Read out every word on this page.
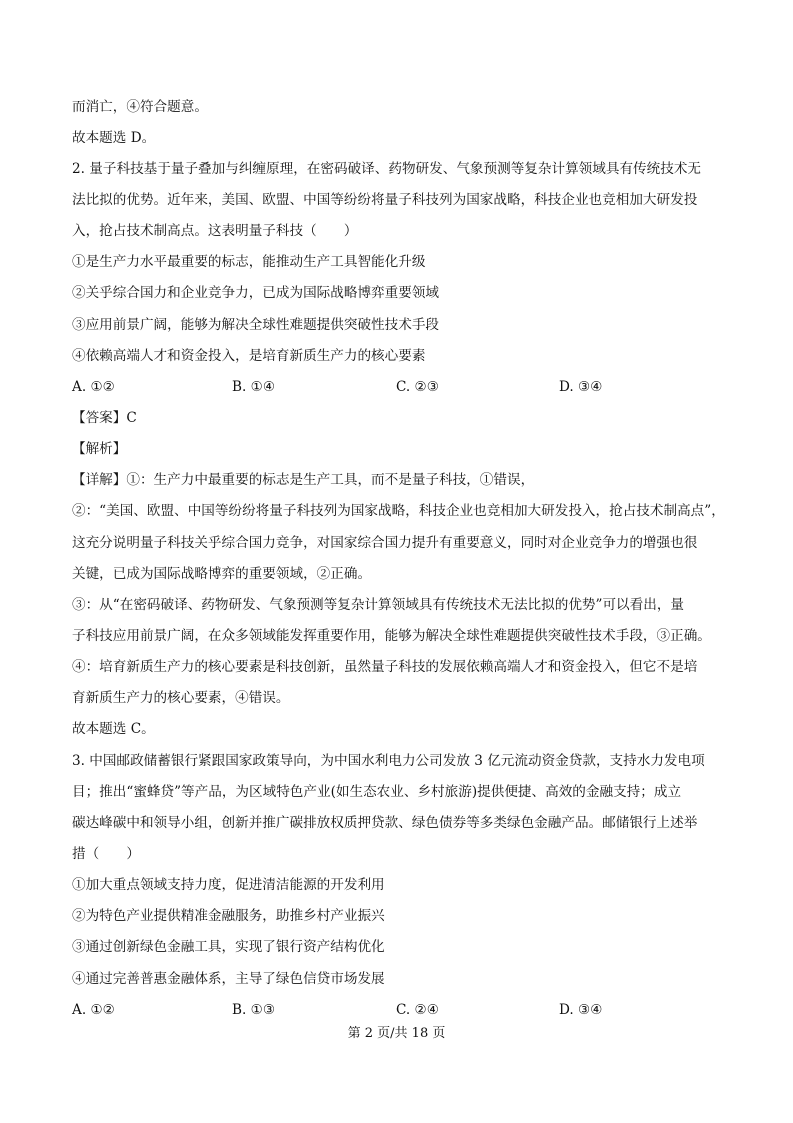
而消亡，④符合题意。
故本题选 D。
2. 量子科技基于量子叠加与纠缠原理，在密码破译、药物研发、气象预测等复杂计算领域具有传统技术无
法比拟的优势。近年来，美国、欧盟、中国等纷纷将量子科技列为国家战略，科技企业也竞相加大研发投
入，抢占技术制高点。这表明量子科技（　　）
①是生产力水平最重要的标志，能推动生产工具智能化升级
②关乎综合国力和企业竞争力，已成为国际战略博弈重要领域
③应用前景广阔，能够为解决全球性难题提供突破性技术手段
④依赖高端人才和资金投入，是培育新质生产力的核心要素
A. ①②	B. ①④	C. ②③	D. ③④
【答案】C
【解析】
【详解】①：生产力中最重要的标志是生产工具，而不是量子科技，①错误，
②：“美国、欧盟、中国等纷纷将量子科技列为国家战略，科技企业也竞相加大研发投入，抢占技术制高点”，
这充分说明量子科技关乎综合国力竞争，对国家综合国力提升有重要意义，同时对企业竞争力的增强也很
关键，已成为国际战略博弈的重要领域，②正确。
③：从“在密码破译、药物研发、气象预测等复杂计算领域具有传统技术无法比拟的优势”可以看出，量
子科技应用前景广阔，在众多领域能发挥重要作用，能够为解决全球性难题提供突破性技术手段，③正确。
④：培育新质生产力的核心要素是科技创新，虽然量子科技的发展依赖高端人才和资金投入，但它不是培
育新质生产力的核心要素，④错误。
故本题选 C。
3. 中国邮政储蓄银行紧跟国家政策导向，为中国水利电力公司发放 3 亿元流动资金贷款，支持水力发电项
目；推出“蜜蜂贷”等产品，为区域特色产业(如生态农业、乡村旅游)提供便捷、高效的金融支持；成立
碳达峰碳中和领导小组，创新并推广碳排放权质押贷款、绿色债券等多类绿色金融产品。邮储银行上述举
措（　　）
①加大重点领域支持力度，促进清洁能源的开发利用
②为特色产业提供精准金融服务，助推乡村产业振兴
③通过创新绿色金融工具，实现了银行资产结构优化
④通过完善普惠金融体系，主导了绿色信贷市场发展
A. ①②	B. ①③	C. ②④	D. ③④
第 2 页/共 18 页
